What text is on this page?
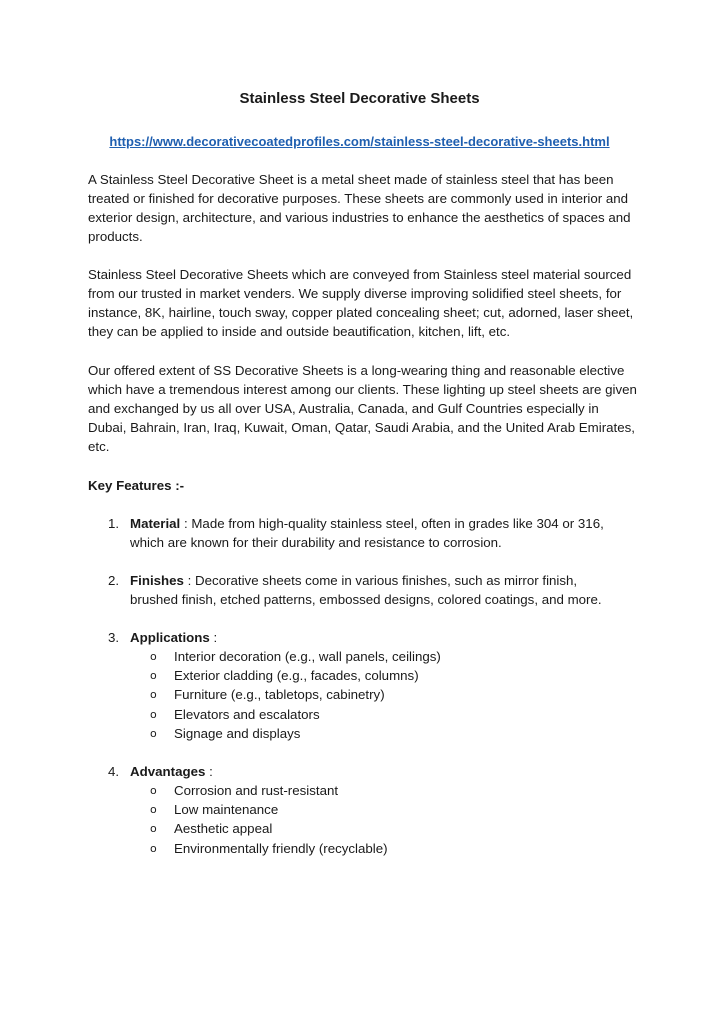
Stainless Steel Decorative Sheets
https://www.decorativecoatedprofiles.com/stainless-steel-decorative-sheets.html

A Stainless Steel Decorative Sheet is a metal sheet made of stainless steel that has been treated or finished for decorative purposes. These sheets are commonly used in interior and exterior design, architecture, and various industries to enhance the aesthetics of spaces and products.

Stainless Steel Decorative Sheets which are conveyed from Stainless steel material sourced from our trusted in market venders. We supply diverse improving solidified steel sheets, for instance, 8K, hairline, touch sway, copper plated concealing sheet; cut, adorned, laser sheet, they can be applied to inside and outside beautification, kitchen, lift, etc.

Our offered extent of SS Decorative Sheets is a long-wearing thing and reasonable elective which have a tremendous interest among our clients. These lighting up steel sheets are given and exchanged by us all over USA, Australia, Canada, and Gulf Countries especially in Dubai, Bahrain, Iran, Iraq, Kuwait, Oman, Qatar, Saudi Arabia, and the United Arab Emirates, etc.

Key Features :-
1. Material : Made from high-quality stainless steel, often in grades like 304 or 316, which are known for their durability and resistance to corrosion.
2. Finishes : Decorative sheets come in various finishes, such as mirror finish, brushed finish, etched patterns, embossed designs, colored coatings, and more.
3. Applications :
o Interior decoration (e.g., wall panels, ceilings)
o Exterior cladding (e.g., facades, columns)
o Furniture (e.g., tabletops, cabinetry)
o Elevators and escalators
o Signage and displays
4. Advantages :
o Corrosion and rust-resistant
o Low maintenance
o Aesthetic appeal
o Environmentally friendly (recyclable)
